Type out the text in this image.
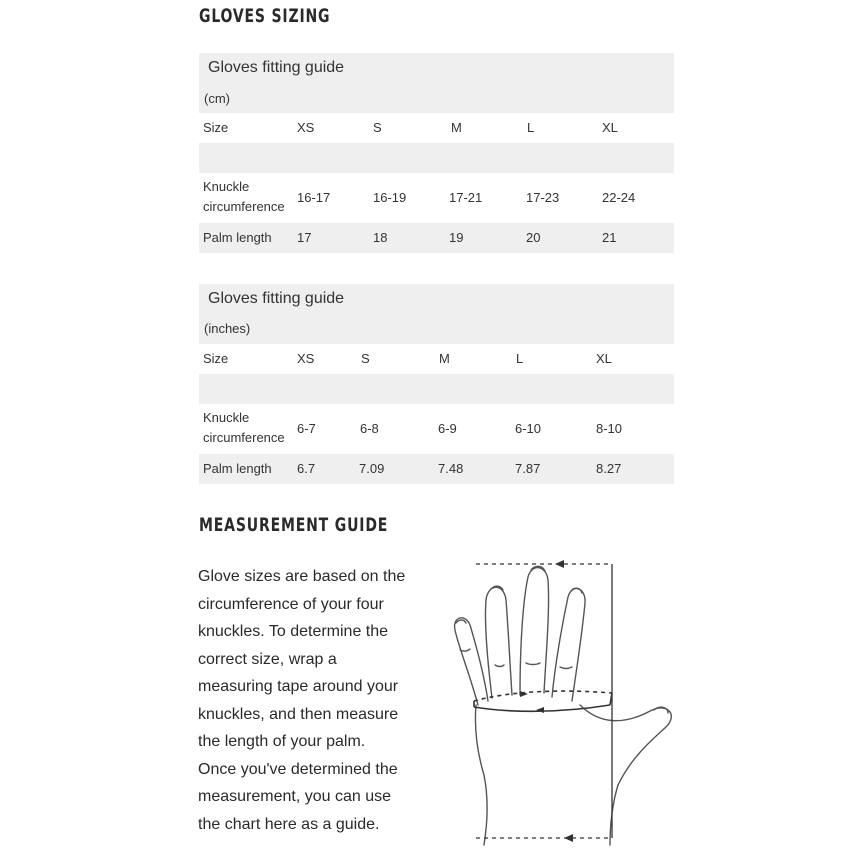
GLOVES SIZING
Gloves fitting guide
(cm)
Size	XS	S	M	L	XL
Knuckle circumference
16-17	16-19	17-21	17-23	22-24
Palm length 17	18	19	20	21
Gloves fitting guide
(inches)
Size	XS	S	M	L	XL
Knuckle circumference
6-7	6-8	6-9	6-10	8-10
Palm length 6.7	7.09	7.48	7.87	8.27
MEASUREMENT GUIDE
Glove sizes are based on the
circumference of your four
knuckles. To determine the
correct size, wrap a
measuring tape around your
knuckles, and then measure
the length of your palm.
Once you've determined the
measurement, you can use
the chart here as a guide.
